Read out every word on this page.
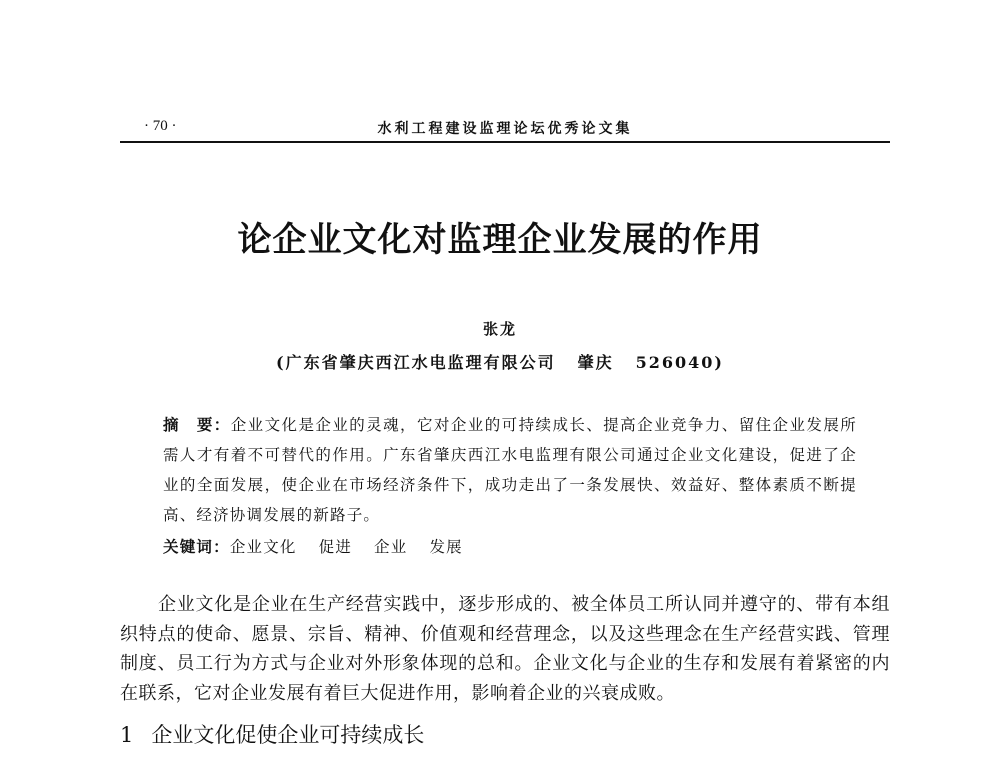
· 70 ·	水利工程建设监理论坛优秀论文集
论企业文化对监理企业发展的作用
张龙
(广东省肇庆西江水电监理有限公司 肇庆 526040)
摘　要：企业文化是企业的灵魂，它对企业的可持续成长、提高企业竞争力、留住企业发展所需人才有着不可替代的作用。广东省肇庆西江水电监理有限公司通过企业文化建设，促进了企业的全面发展，使企业在市场经济条件下，成功走出了一条发展快、效益好、整体素质不断提高、经济协调发展的新路子。
关键词：企业文化 促进 企业 发展
企业文化是企业在生产经营实践中，逐步形成的、被全体员工所认同并遵守的、带有本组织特点的使命、愿景、宗旨、精神、价值观和经营理念，以及这些理念在生产经营实践、管理制度、员工行为方式与企业对外形象体现的总和。企业文化与企业的生存和发展有着紧密的内在联系，它对企业发展有着巨大促进作用，影响着企业的兴衰成败。
1 企业文化促使企业可持续成长
